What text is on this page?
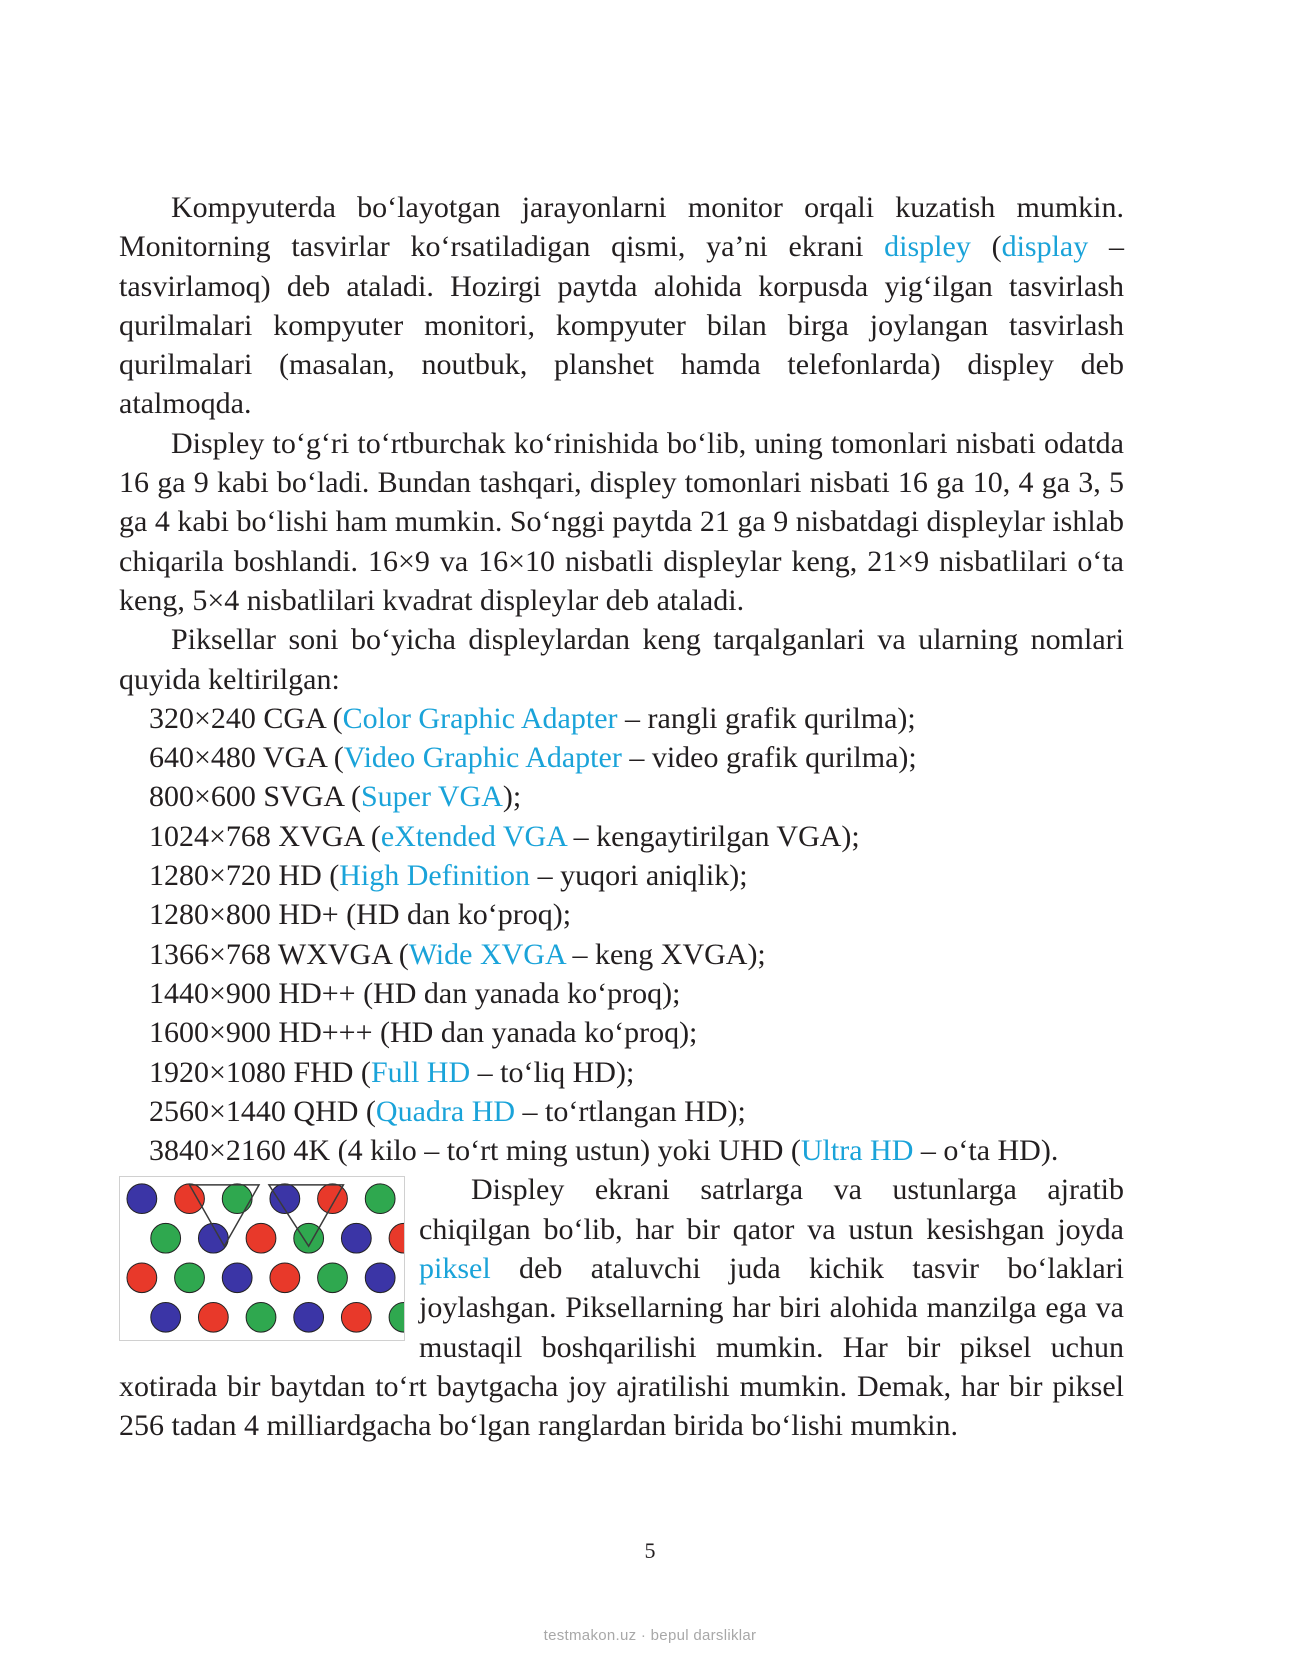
Kompyuterda bo‘layotgan jarayonlarni monitor orqali kuzatish mumkin. Monitorning tasvirlar ko‘rsatiladigan qismi, ya’ni ekrani displey (display – tasvirlamoq) deb ataladi. Hozirgi paytda alohida korpusda yig‘ilgan tasvirlash qurilmalari kompyuter monitori, kompyuter bilan birga joylangan tasvirlash qurilmalari (masalan, noutbuk, planshet hamda telefonlarda) displey deb atalmoqda.

Displey to‘g‘ri to‘rtburchak ko‘rinishida bo‘lib, uning tomonlari nisbati odatda 16 ga 9 kabi bo‘ladi. Bundan tashqari, displey tomonlari nisbati 16 ga 10, 4 ga 3, 5 ga 4 kabi bo‘lishi ham mumkin. So‘nggi paytda 21 ga 9 nisbatdagi displeylar ishlab chiqarila boshlandi. 16×9 va 16×10 nisbatli displeylar keng, 21×9 nisbatlilari o‘ta keng, 5×4 nisbatlilari kvadrat displeylar deb ataladi.

Piksellar soni bo‘yicha displeylardan keng tarqalganlari va ularning nomlari quyida keltirilgan:

320×240 CGA (Color Graphic Adapter – rangli grafik qurilma);
640×480 VGA (Video Graphic Adapter – video grafik qurilma);
800×600 SVGA (Super VGA);
1024×768 XVGA (eXtended VGA – kengaytirilgan VGA);
1280×720 HD (High Definition – yuqori aniqlik);
1280×800 HD+ (HD dan ko‘proq);
1366×768 WXVGA (Wide XVGA – keng XVGA);
1440×900 HD++ (HD dan yanada ko‘proq);
1600×900 HD+++ (HD dan yanada ko‘proq);
1920×1080 FHD (Full HD – to‘liq HD);
2560×1440 QHD (Quadra HD – to‘rtlangan HD);
3840×2160 4K (4 kilo – to‘rt ming ustun) yoki UHD (Ultra HD – o‘ta HD).

Displey ekrani satrlarga va ustunlarga ajratib chiqilgan bo‘lib, har bir qator va ustun kesishgan joyda piksel deb ataluvchi juda kichik tasvir bo‘laklari joylashgan. Piksellarning har biri alohida manzilga ega va mustaqil boshqarilishi mumkin. Har bir piksel uchun xotirada bir baytdan to‘rt baytgacha joy ajratilishi mumkin. Demak, har bir piksel 256 tadan 4 milliardgacha bo‘lgan ranglardan birida bo‘lishi mumkin.

5
testmakon.uz · bepul darsliklar
